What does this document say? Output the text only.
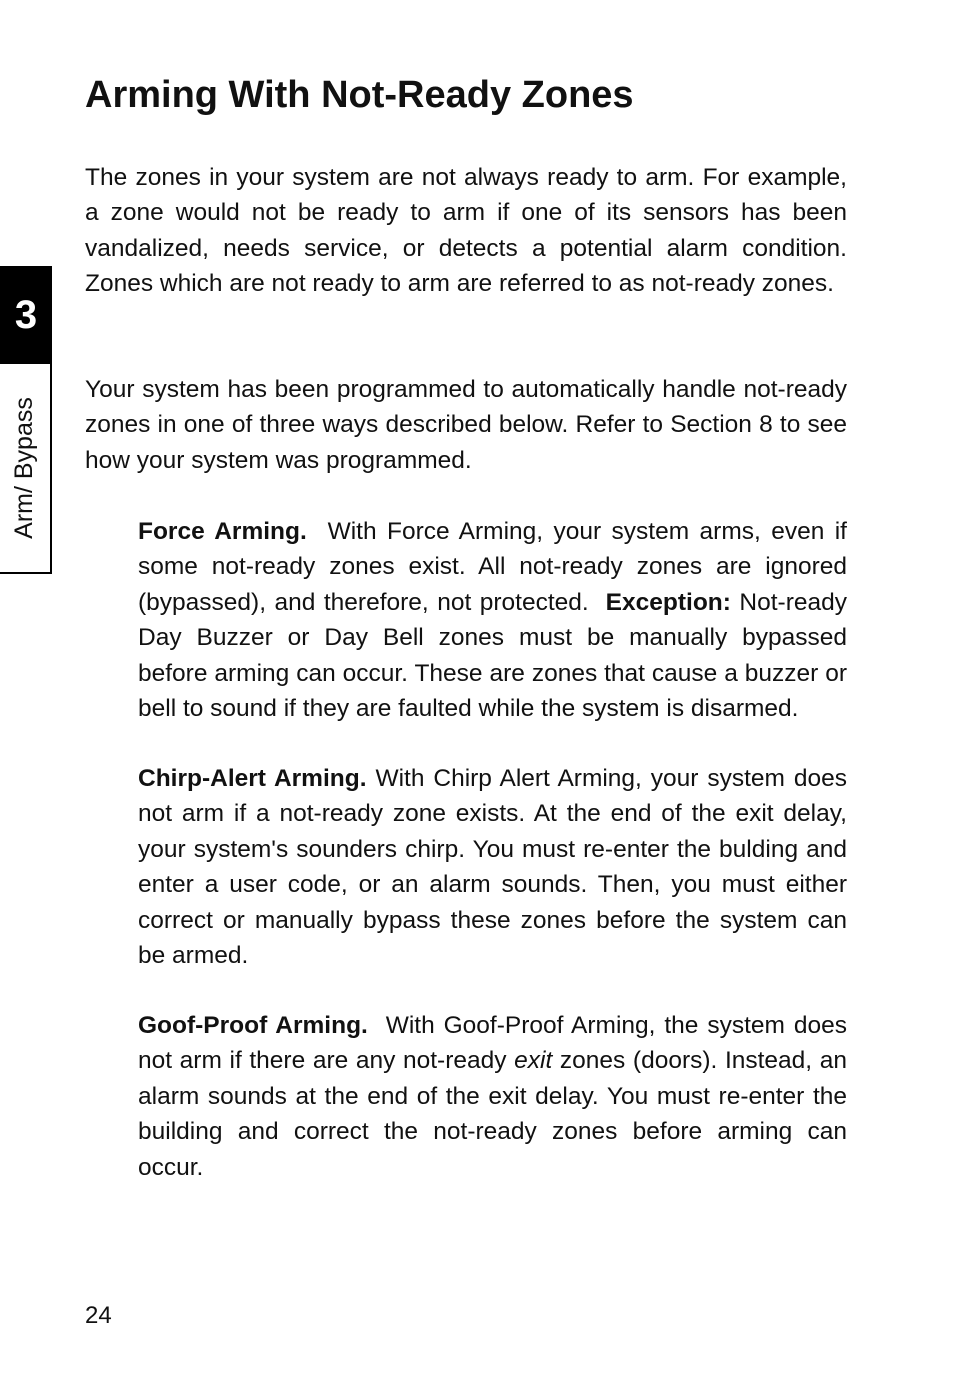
Arming With Not-Ready Zones

The zones in your system are not always ready to arm. For example, a zone would not be ready to arm if one of its sensors has been vandalized, needs service, or detects a potential alarm condition. Zones which are not ready to arm are referred to as not-ready zones.

Your system has been programmed to automatically handle not-ready zones in one of three ways described below. Refer to Section 8 to see how your system was programmed.

Force Arming. With Force Arming, your system arms, even if some not-ready zones exist. All not-ready zones are ignored (bypassed), and therefore, not protected. Exception: Not-ready Day Buzzer or Day Bell zones must be manually bypassed before arming can occur. These are zones that cause a buzzer or bell to sound if they are faulted while the system is disarmed.

Chirp-Alert Arming. With Chirp Alert Arming, your system does not arm if a not-ready zone exists. At the end of the exit delay, your system's sounders chirp. You must re-enter the bulding and enter a user code, or an alarm sounds. Then, you must either correct or manually bypass these zones before the system can be armed.

Goof-Proof Arming. With Goof-Proof Arming, the system does not arm if there are any not-ready exit zones (doors). Instead, an alarm sounds at the end of the exit delay. You must re-enter the building and correct the not-ready zones before arming can occur.

3
Arm/ Bypass
24
